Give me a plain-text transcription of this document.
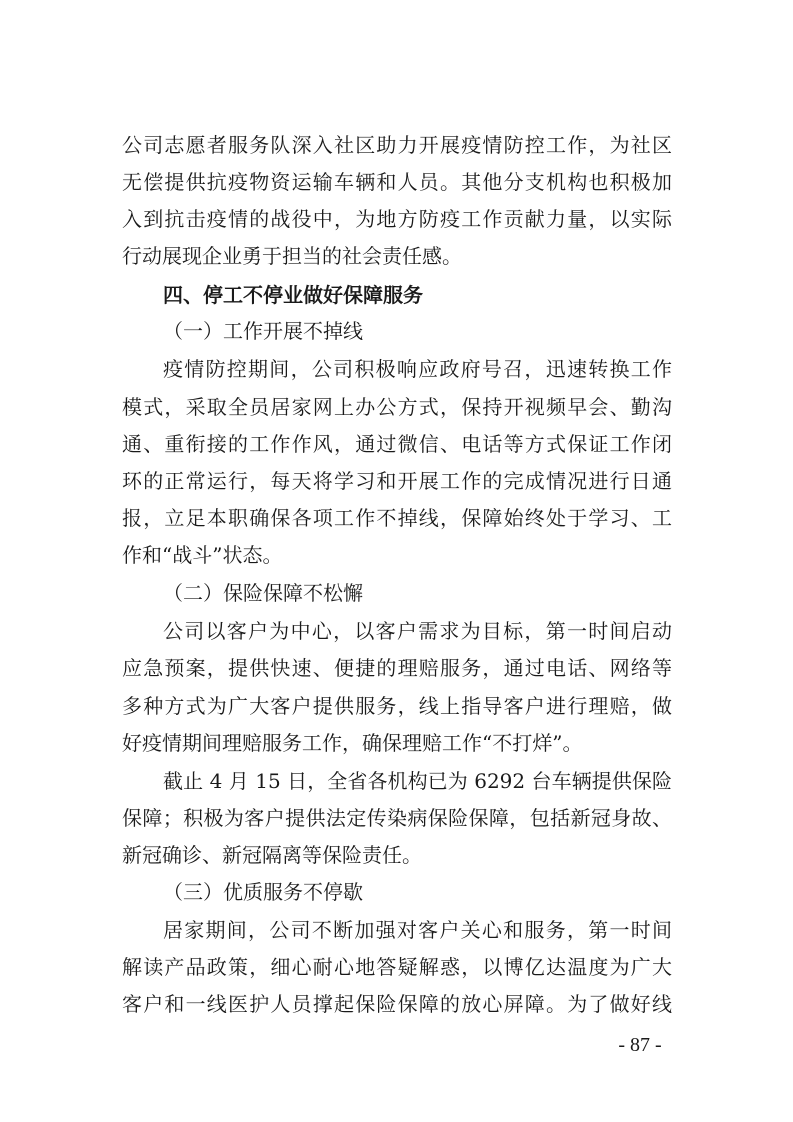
公司志愿者服务队深入社区助力开展疫情防控工作，为社区
无偿提供抗疫物资运输车辆和人员。其他分支机构也积极加
入到抗击疫情的战役中，为地方防疫工作贡献力量，以实际
行动展现企业勇于担当的社会责任感。
四、停工不停业做好保障服务
（一）工作开展不掉线
疫情防控期间，公司积极响应政府号召，迅速转换工作
模式，采取全员居家网上办公方式，保持开视频早会、勤沟
通、重衔接的工作作风，通过微信、电话等方式保证工作闭
环的正常运行，每天将学习和开展工作的完成情况进行日通
报，立足本职确保各项工作不掉线，保障始终处于学习、工
作和“战斗”状态。
（二）保险保障不松懈
公司以客户为中心，以客户需求为目标，第一时间启动
应急预案，提供快速、便捷的理赔服务，通过电话、网络等
多种方式为广大客户提供服务，线上指导客户进行理赔，做
好疫情期间理赔服务工作，确保理赔工作“不打烊”。
截止 4 月 15 日，全省各机构已为 6292 台车辆提供保险
保障；积极为客户提供法定传染病保险保障，包括新冠身故、
新冠确诊、新冠隔离等保险责任。
（三）优质服务不停歇
居家期间，公司不断加强对客户关心和服务，第一时间
解读产品政策，细心耐心地答疑解惑，以博亿达温度为广大
客户和一线医护人员撑起保险保障的放心屏障。为了做好线
- 87 -
